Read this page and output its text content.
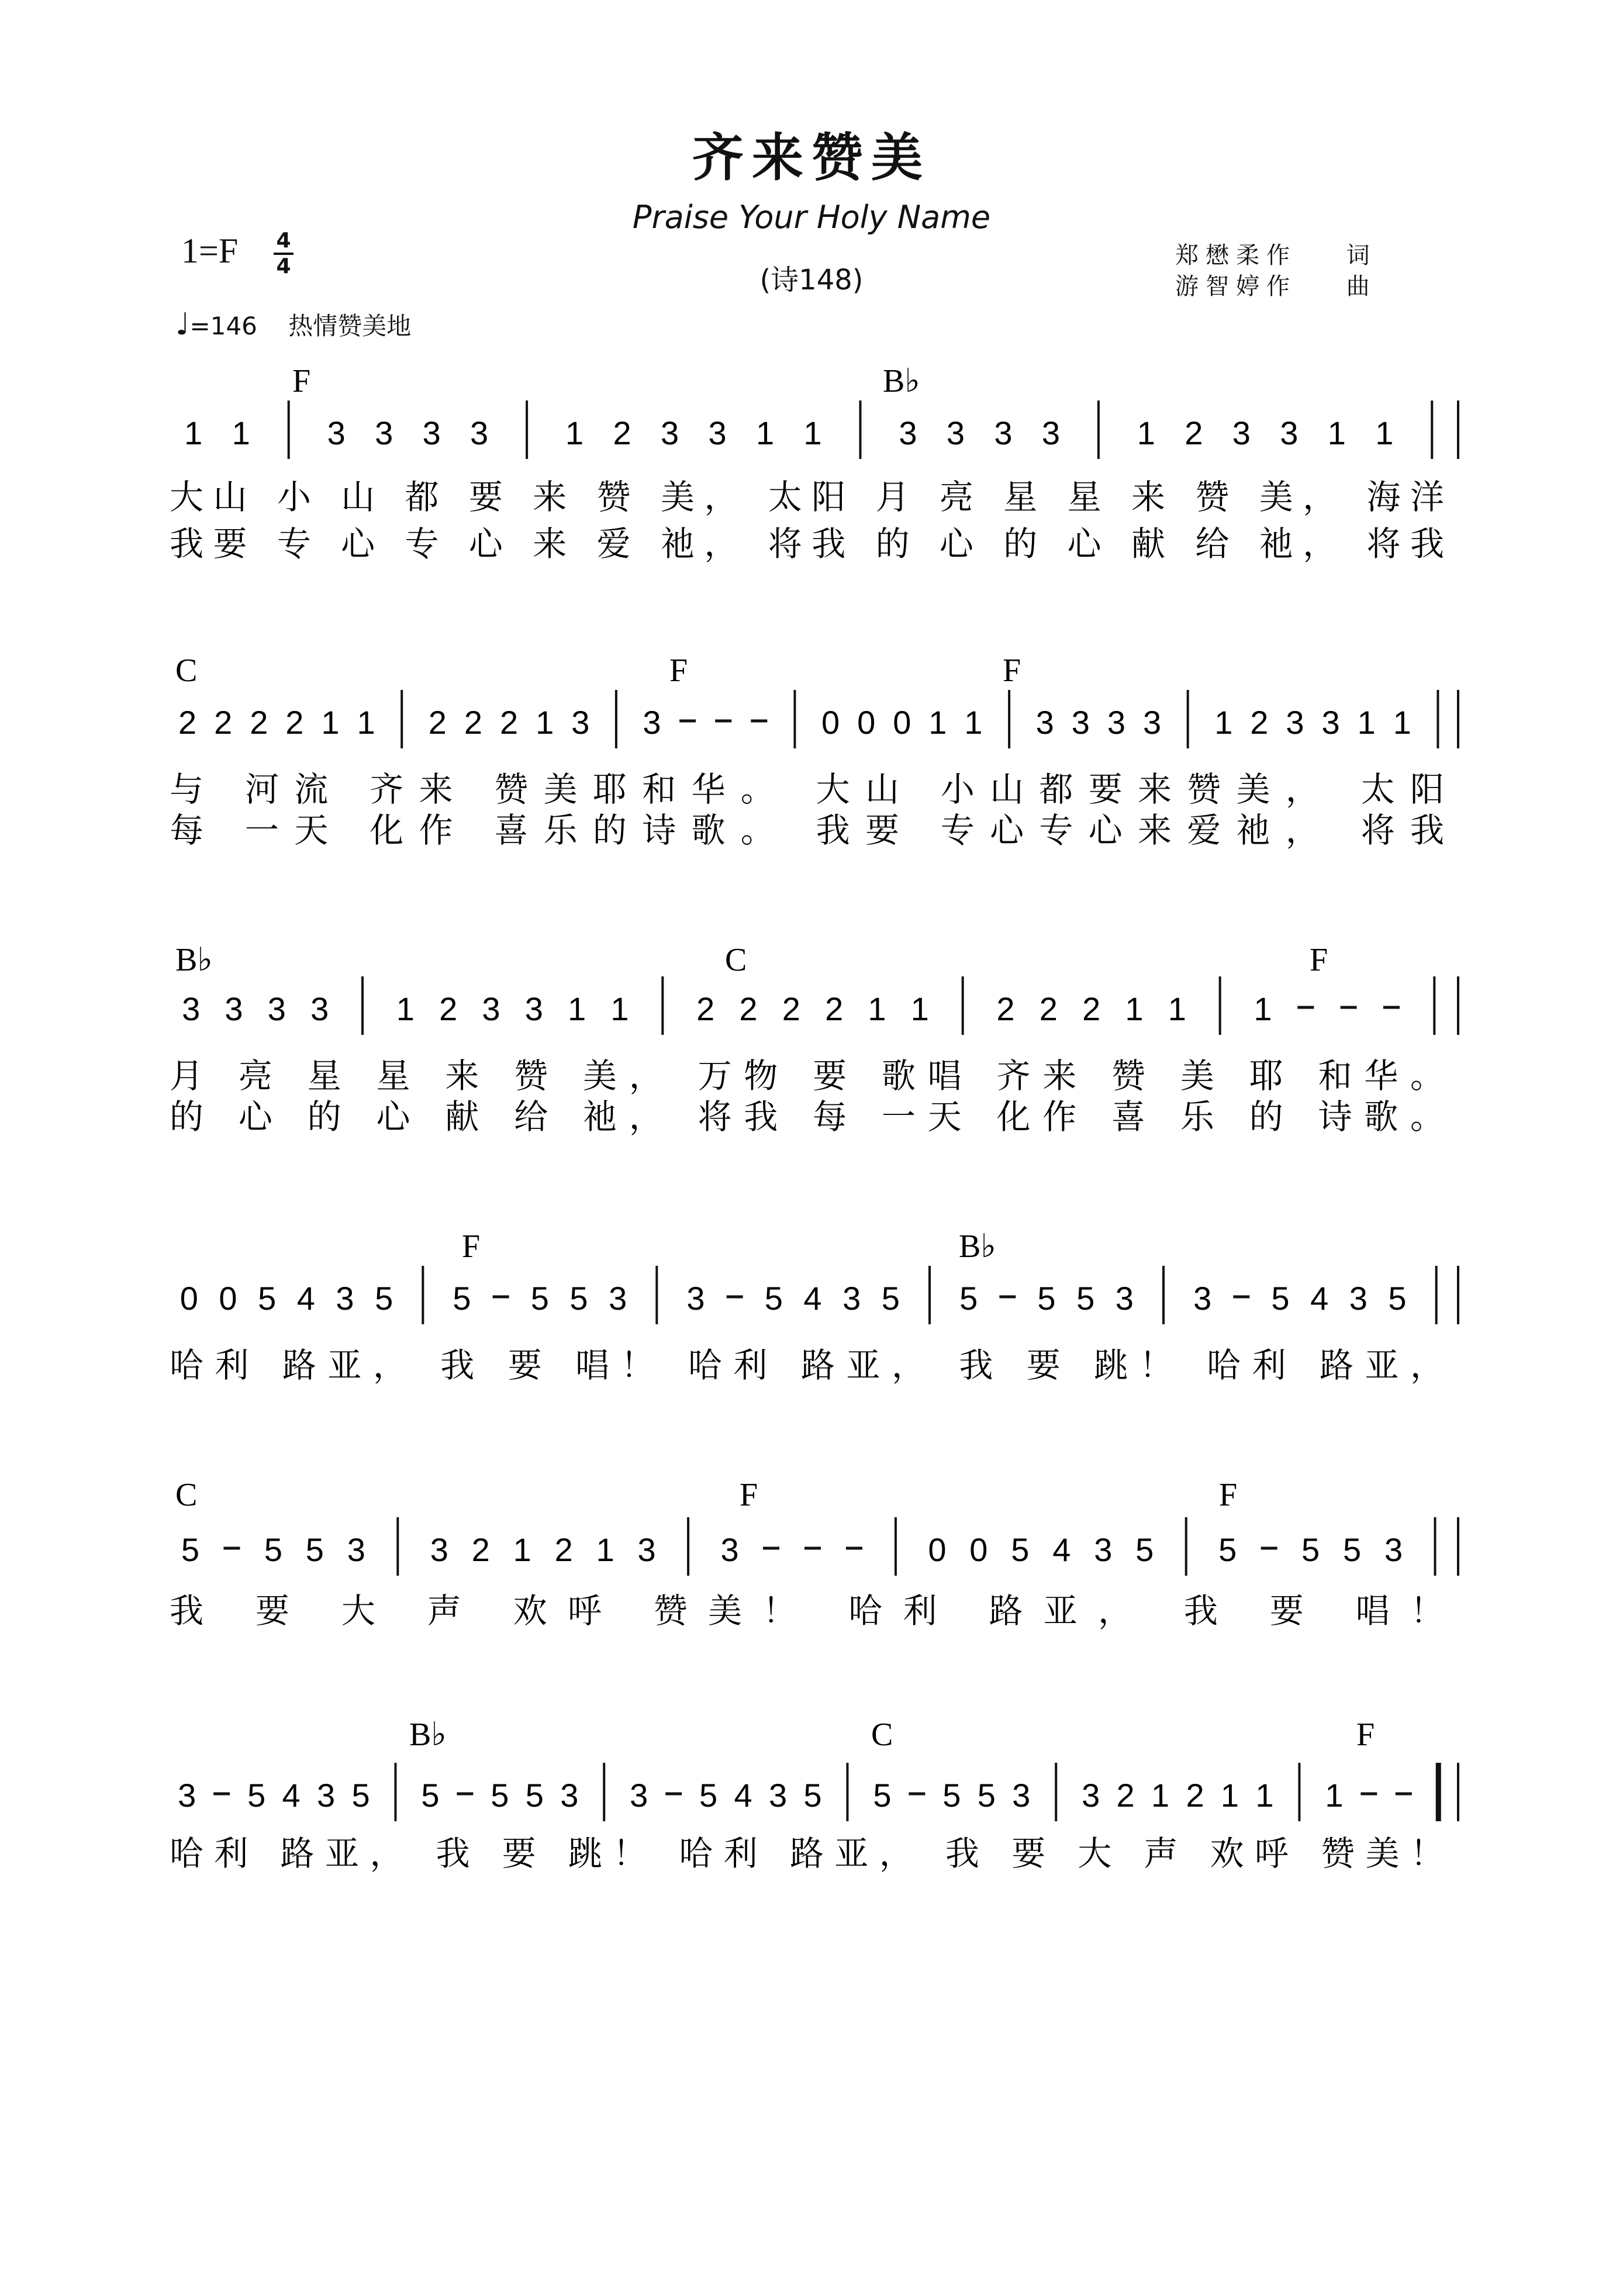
齐来赞美
Praise Your Holy Name
(诗148)
1=F 4
4
♩=146 热情赞美地
郑懋柔作 词
游智婷作 曲
F	B♭
1 1 3 3 3 3 1 2 3 3 1 1 3 3 3 3 1 2 3 3 1 1
大山 小 山 都 要 来 赞 美， 太阳 月 亮 星 星 来 赞 美， 海洋
我要 专 心 专 心 来 爱 祂， 将我 的 心 的 心 献 给 祂， 将我
C	F	F
2 2 2 2 1 1 2 2 2 1 3 3	0 0 0 1 1 3 3 3 3 1 2 3 3 1 1
与 河流 齐来 赞美耶和华。 大山 小山都要来赞美， 太阳
每 一天 化作 喜乐的诗歌。 我要 专心专心来爱祂， 将我
B♭	C	F
3 3 3 3 1 2 3 3 1 1 2 2 2 2 1 1 2 2 2 1 1 1
月 亮 星 星 来 赞 美， 万物 要 歌唱 齐来 赞 美 耶 和华。
的 心 的 心 献 给 祂， 将我 每 一天 化作 喜 乐 的 诗歌。
F	B♭
0 0 5 4 3 5 5 5 5 3 3 5 4 3 5 5 5 5 3 3 5 4 3 5
哈利 路亚， 我 要 唱！ 哈利 路亚， 我 要 跳！ 哈利 路亚，
C	F	F
5 5 5 3 3 2 1 2 1 3 3	0 0 5 4 3 5 5 5 5 3
我 要 大 声 欢呼 赞美！ 哈利 路亚， 我 要 唱！
B♭	C	F
3 5 4 3 5 5 5 5 3 3 5 4 3 5 5 5 5 3 3 2 1 2 1 1 1
哈利 路亚， 我 要 跳！ 哈利 路亚， 我 要 大 声 欢呼 赞美！
